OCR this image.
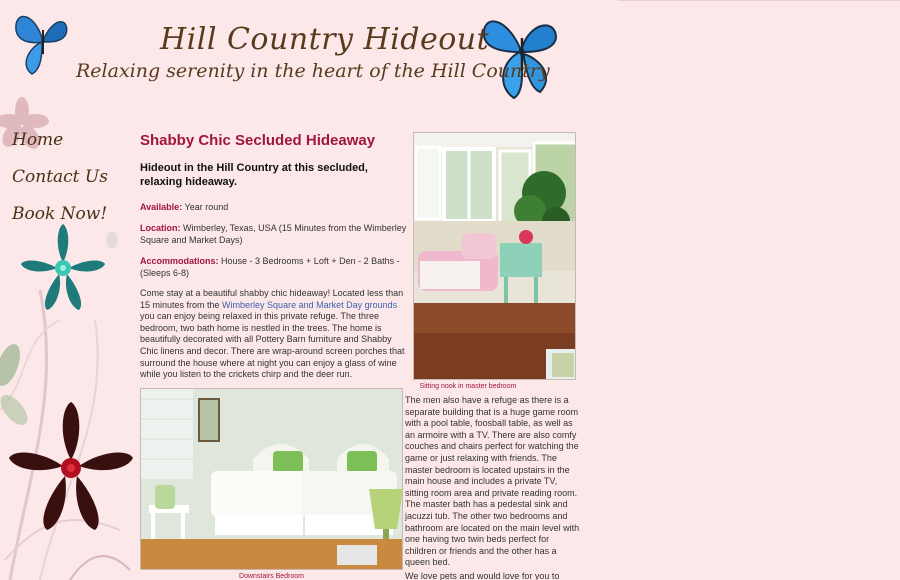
Hill Country Hideout
Relaxing serenity in the heart of the Hill Country
Home
Contact Us
Book Now!
Shabby Chic Secluded Hideaway
Hideout in the Hill Country at this secluded, relaxing hideaway.
Available: Year round
Location: Wimberley, Texas, USA (15 Minutes from the Wimberley Square and Market Days)
Accommodations: House - 3 Bedrooms + Loft + Den - 2 Baths - (Sleeps 6-8)

Come stay at a beautiful shabby chic hideaway! Located less than 15 minutes from the Wimberley Square and Market Day grounds you can enjoy being relaxed in this private refuge. The three bedroom, two bath home is nestled in the trees. The home is beautifully decorated with all Pottery Barn furniture and Shabby Chic linens and decor. There are wrap-around screen porches that surround the house where at night you can enjoy a glass of wine while you listen to the crickets chirp and the deer run.

Sitting nook in master bedroom
Downstairs Bedroom

The men also have a refuge as there is a separate building that is a huge game room with a pool table, foosball table, as well as an armoire with a TV. There are also comfy couches and chairs perfect for watching the game or just relaxing with friends. The master bedroom is located upstairs in the main house and includes a private TV, sitting room area and private reading room. The master bath has a pedestal sink and jacuzzi tub. The other two bedrooms and bathroom are located on the main level with one having two twin beds perfect for children or friends and the other has a queen bed.

We love pets and would love for you to
